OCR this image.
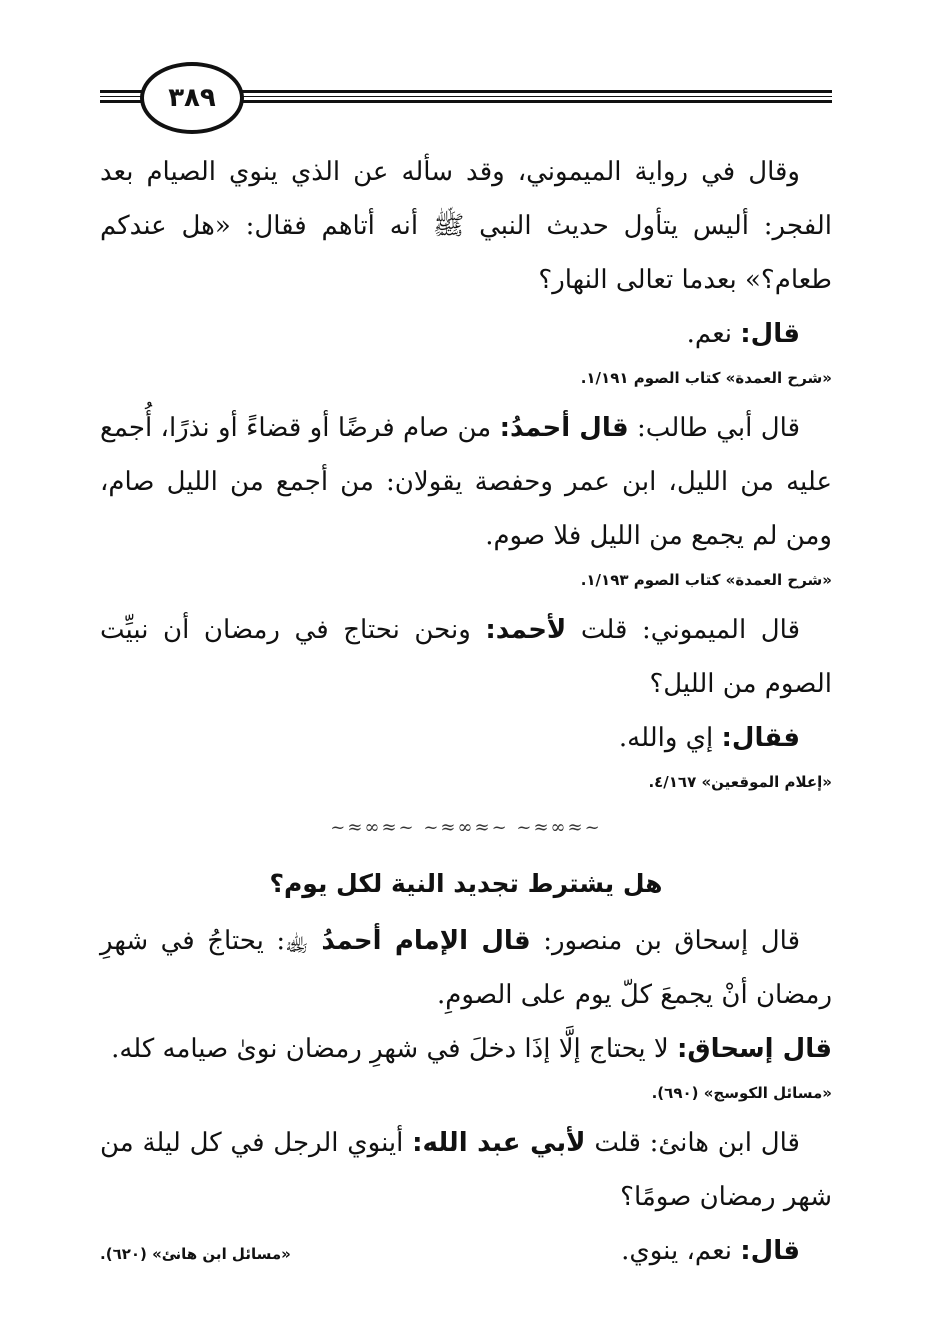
٣٨٩

وقال في رواية الميموني، وقد سأله عن الذي ينوي الصيام بعد الفجر: أليس يتأول حديث النبي ﷺ أنه أتاهم فقال: «هل عندكم طعام؟» بعدما تعالى النهار؟

قال: نعم.

«شرح العمدة» كتاب الصوم ١/١٩١.

قال أبي طالب: قال أحمدُ: من صام فرضًا أو قضاءً أو نذرًا، أُجمع عليه من الليل، ابن عمر وحفصة يقولان: من أجمع من الليل صام، ومن لم يجمع من الليل فلا صوم.

«شرح العمدة» كتاب الصوم ١/١٩٣.

قال الميموني: قلت لأحمد: ونحن نحتاج في رمضان أن نبيِّت الصوم من الليل؟

فقال: إي والله.

«إعلام الموقعين» ٤/١٦٧.
~≈∞≈~ ~≈∞≈~ ~≈∞≈~
هل يشترط تجديد النية لكل يوم؟

قال إسحاق بن منصور: قال الإمام أحمدُ ﵀: يحتاجُ في شهرِ رمضان أنْ يجمعَ كلّ يوم على الصومِ.

قال إسحاق: لا يحتاج إلَّا إذَا دخلَ في شهرِ رمضان نوىٰ صيامه كله.

«مسائل الكوسج» (٦٩٠).

قال ابن هانئ: قلت لأبي عبد الله: أينوي الرجل في كل ليلة من شهر رمضان صومًا؟

قال: نعم، ينوي.

«مسائل ابن هانئ» (٦٢٠).
